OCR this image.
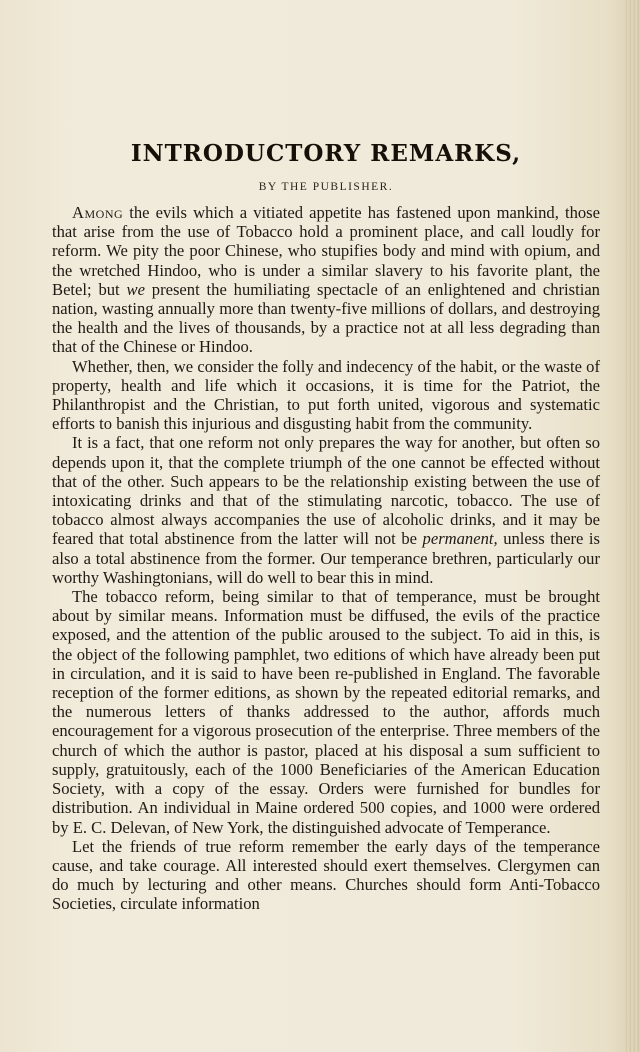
INTRODUCTORY REMARKS,
BY THE PUBLISHER.

Among the evils which a vitiated appetite has fastened upon mankind, those that arise from the use of Tobacco hold a prominent place, and call loudly for reform. We pity the poor Chinese, who stupifies body and mind with opium, and the wretched Hindoo, who is under a similar slavery to his favorite plant, the Betel; but we present the humiliating spectacle of an enlightened and christian nation, wasting annually more than twenty-five millions of dollars, and destroying the health and the lives of thousands, by a practice not at all less degrading than that of the Chinese or Hindoo.

Whether, then, we consider the folly and indecency of the habit, or the waste of property, health and life which it occasions, it is time for the Patriot, the Philanthropist and the Christian, to put forth united, vigorous and systematic efforts to banish this injurious and disgusting habit from the community.

It is a fact, that one reform not only prepares the way for another, but often so depends upon it, that the complete triumph of the one cannot be effected without that of the other. Such appears to be the relationship existing between the use of intoxicating drinks and that of the stimulating narcotic, tobacco. The use of tobacco almost always accompanies the use of alcoholic drinks, and it may be feared that total abstinence from the latter will not be permanent, unless there is also a total abstinence from the former. Our temperance brethren, particularly our worthy Washingtonians, will do well to bear this in mind.

The tobacco reform, being similar to that of temperance, must be brought about by similar means. Information must be diffused, the evils of the practice exposed, and the attention of the public aroused to the subject. To aid in this, is the object of the following pamphlet, two editions of which have already been put in circulation, and it is said to have been re-published in England. The favorable reception of the former editions, as shown by the repeated editorial remarks, and the numerous letters of thanks addressed to the author, affords much encouragement for a vigorous prosecution of the enterprise. Three members of the church of which the author is pastor, placed at his disposal a sum sufficient to supply, gratuitously, each of the 1000 Beneficiaries of the American Education Society, with a copy of the essay. Orders were furnished for bundles for distribution. An individual in Maine ordered 500 copies, and 1000 were ordered by E. C. Delevan, of New York, the distinguished advocate of Temperance.

Let the friends of true reform remember the early days of the temperance cause, and take courage. All interested should exert themselves. Clergymen can do much by lecturing and other means. Churches should form Anti-Tobacco Societies, circulate information
